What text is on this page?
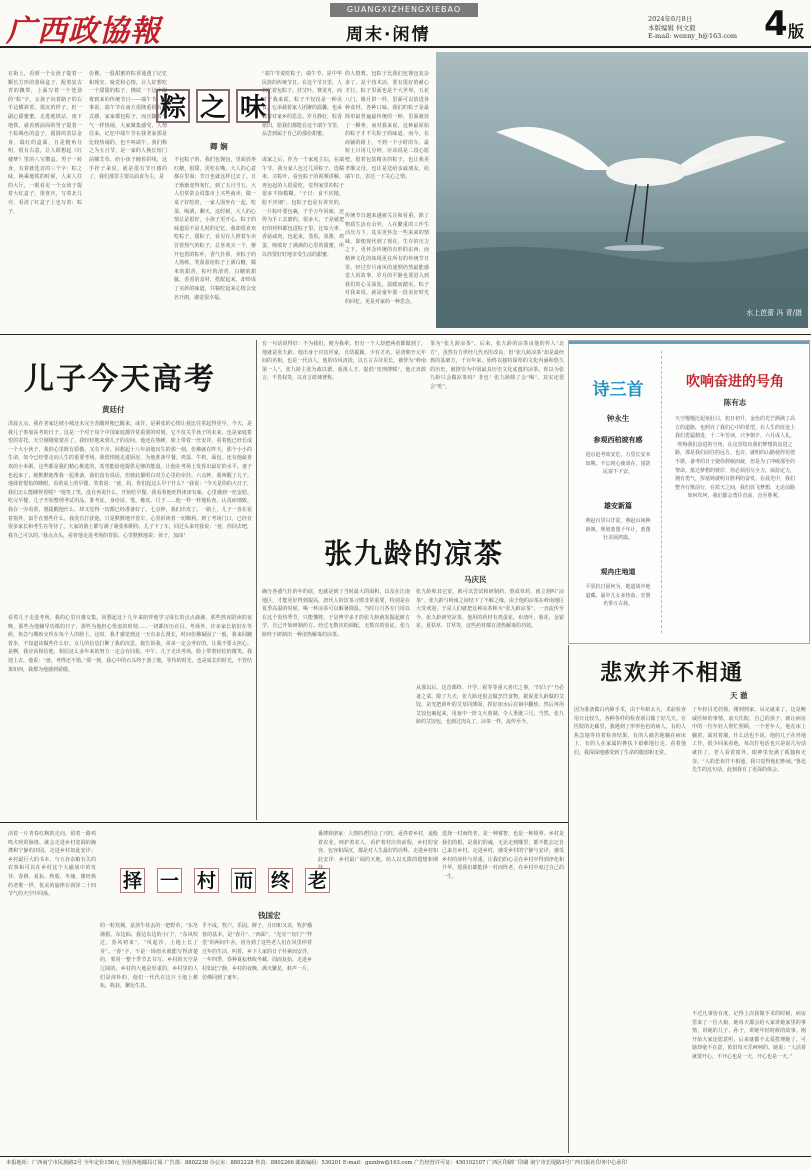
广西政協報
GUANGXIZHENGXIEBAO
周末·闲情
2024年6月8日
本版编辑 何文毅
E-mail: wenny_h@163.com 4 版
粽 之 味
卿 娴
在街上，看到一个女孩子提着一颗长方形的墨绿盒子，配着复古青的飘带，上面写着一个苍劲的“粽”字。女孩子向着路子的右手边横斜着，很沉的样子，但一副心甜蜜蜜。走进地铁站，雨下地铁，就看到前面的男子提着一个棕褐色的盒子，圆圆的表层金身，端红的盒面，且是精角分明，很有古意，让人联想起《红楼梦》里的八宝攒盒。男子一转身，有着就迭首的三个字：粽之味。换乘地铁的时候，人来人往的大厅，一眼看见一个女孩子提着大红盒子，很喜庆，写着北儿旁，看清了红盒子上也写着：粽子。
仿佛，一股甜蜜的粽香通透了记忆和现实，味觉和心情，让人好想吃一个甜甜的粽子，拂拭一下这个即将到来的传统节日——端午节。同事说，端午节在南方很隆重很有仪式感，家家都包粽子，而且随着节气一样热闹，大家聚集感受，人情往来。记忆中端午节在我老家那是比较热闹的，也不叫端午，我们称之为五月节，是一家的人换长短门前插艾草，给小孩子缠着彩线，这手拴子来说，就是很有节日感的了，我们那里主要以面食为主，是
不包粽子的，我们包馒包，里面放枣红糖，很甜，更吃在嘴，大人的心意都在里面；节日也就这样过去了。日子渐渐变得匆忙，到了五月当五，大人们常常会说集市上买些商卖，做一桌子好吃的，一家人围坐在一起，吃菜，喝酒，聊天，这时候，大人的心情总是很好，小孩子更开心。粽子的味道原不是儿时的记忆，我却很喜欢吃粽子，甜粽子，看见在人推着车卖冒着热气的粽子，总喜欢买一个，掰开包着的粽叶，香气扑鼻，卖粽子的人熟练，笑盈盈给粽子上洒白糖，糯米的甜香，粽叶的清香，白糖的甜腻，香香的食材，搭配起来，却形成了美妙的味道，共犒吃起来心情会变名开朗，感觉很幸福。
成家之后，作为一个家庭主妇，在端午节，我为家人包过几回粽子，选糯米，买粽叶，看包粽子的视频讲解，再包起的人很爱吃，觉得家里的粽子很多不拘模糊。“子曰：食不厌精，脍不厌细”，包粽子也是有讲究的，一片粽叶要包裹，千手万年回味，还得为手工去磨的，很多大，于是就把好的材料都包进粽子里，比如大枣，香菇咸肉，包起来，蒸饭，果酱，鸡蛋，吸收好了满满的心里的甜蜜，所以你要好好地享受生活的甜蜜。
的人情教。包粽子比我们包馒包复杂多了，是个技术活，要有很好的耐心才行。粽子里面也是个大世界，五花八门，像月饼一样，里面可以放进各种食材，各种口味。我们的粽子是最简单最普遍最传统的一种，里面就放了一颗枣，而对我来说，这种最原始的粽子才不失粽子的味道。而今，在商铺的路上，不到一个小时的车，最短上只用几分钟，应该说是二段心愿吧，慰着包装精美的粽子，也让我更孝顺父母，也许是送给亲戚朋友，给端午日，表达一下关心之情。
传统节日越来越被关注和看重，除了物质生活有余外，人在繁重的工作生活压力下，其实更怀念一些来来的情味，即便现代到了现在，生存的压力之下，更怀念传统的有形的东西，而精神文化的体现更在所有的传统节日里。经过岁月南风的迷惘仍然最能感觉人的故事，岁月的平静也要进入到我们的心灵深处，温暖而踏实。粽子对我来说，就是童年那一段美好时光的回忆，更是对家的一种思念。
“端午节说吃粽子，端午节，是中华民族的传统节日。在这个节日里，人们忙着包粽子、挂艾叶、赛龙舟，而对于我来说，粽子不仅仅是一种美食，它承载着家人团聚的温馨，也承载着对家乡的思念。岁月静好，粽香依旧，愿我们都能在这个端午节里，品尝到属于自己的那份甜蜜。
水上芭蕾 冯 青/摄
儿子今天高考
黄廷付
清晨五点，我在老家达坡小城还未完全苏醒时便已醒来。或许，是紧张的心情让我比往常起得更早。今天，是我儿子参加高考的日子。这是一个对于每个中国家庭都异常重要的时刻，它不仅关乎孩子的未来，也是家庭希望的寄托。天空刚刚蒙蒙亮了，我轻轻地来到儿子的房间，他还在熟睡，脸上带着一丝安详。看着他已经长成一个大小伙子，我的心里既有骄傲，又有不舍。回想起十八年前他出生的那一刻，仿佛就在昨天，那个小小的生命，如今已经要走向人生的重要考场。我悄悄地走进厨房，为他准备早餐。鸡蛋、牛奶、面包，还有他最喜欢的小米粥。这些都是我们精心挑选的，希望能给他提供足够的能量，让他在考场上发挥出最好的水平。妻子也起来了，她默默地帮我一起准备，我们没有说话，但彼此都明白对方心里的牵挂。六点钟，我叫醒了儿子。他揉着惺忪的睡眼，看着桌上的早餐，笑着说：“爸，妈，你们起这么早干什么？”我说：“今天是你的大日子，我们怎么能睡得着呢？”他笑了笑，没有再说什么，开始吃早餐。我看着他吃得津津有味，心里感到一丝安慰。吃完早餐，儿子开始整理考试用品，准考证、身份证、笔、橡皮、尺子……他一样一样地检查，认真而细致。我在一旁看着，想提醒他什么，却又觉得一切都已经准备好了。七点钟，我们出发了。一路上，儿子一直在看着窗外，似乎在想些什么。我没有打扰他，只是默默地开着车，心里祈祷着一切顺利。到了考场门口，已经有很多家长和考生在等待了，大家的脸上都写满了紧张和期待。儿子下了车，回过头来对我说：“爸，你回去吧，我自己可以的。”我点点头，看着他走进考场的背影，心里默默地说：孩子，加油！
看着儿子走进考场，我的心里百感交集。回想起这十几年来陪伴他学习成长的点点滴滴，那些熬夜陪读的夜晚，那些为他辅导功课的日子，那些为他担心忧虑的时刻……一切都历历在目。考场外，许多家长依旧在等候，焦急与期盼交织在每个人的脸上。这时，我才感觉到这一天有多么漫长，时间仿佛凝固了一般，我来回踱着步，不知道该做些什么好。女儿的信息打断了我的沉思，她告诉我，弟弟一定会考好的，让我不要太担心。是啊，我应该相信他，相信这么多年来的努力一定会有回报。中午，儿子走出考场，脸上带着轻松的微笑。我迎上去，他说：“爸，考得还不错。”那一刻，我心中的石头终于落了地。等待的时光，也是成长的时光，不管结果如何，我都为他感到骄傲。
有一句话说得好：不为我们，便为我辈。但有一个人却把两者都做到了，他就是张九龄。他出身于官宦世家，自幼聪颖，少有才名，是唐朝开元年间的名相，也是一代诗人。他的诗风清淡，以五言古诗见长，被誉为“岭南第一人”。张九龄主张为政以德，重视人才，提倡“宽刑薄赋”，他正直敢言，不畏权贵，以直言敢谏著称。
茶为“张九龄凉茶”。后来，张九龄的凉茶由他的传人“北方”，虽然有方世经几代名医改良，但“张九龄凉茶”却是最经典的基础方，千百年来，始终以独特深厚的文化内涵和悠久的历史，被推崇为中国最具历史文化底蕴的凉茶。你以为张九龄只会做凉茶吗？非也！张九龄除了会“喝”，其实还很会“吃”。
张九龄的凉茶
马庆民
确分各惑气壮的年的底，也就是到了当时最大的面积，以及在江南地区，才能更好得到提高，唐代人的饮茶习惯非常重要，特别是在夏季高温的时候，喝一杯凉茶可以解暑降温。当时月月各专门用以在这个炎热季节，只能懂将，于是博学多才的张九龄就发掘起研方学，自己开始研制药方。经过无数次的调配，无数次的验证，张九龄终于研制出一种清热解毒的凉茶。
张九龄和其它宽，就可以尝试和研制药，熬成草药，就立刻叫“凉茶”。张九龄与岭南之间结下了不解之缘。由于他的凉茶在岭南地区大受欢迎，于是人们就把这种凉茶称为“张九龄凉茶”，一直流传至今。张九龄研究凉茶，他用的药材有鸡蛋花、布渣叶、菊花、金银花、夏枯草、甘草等，这些药材都有清热解毒的功效。
从那以后，这首都终、升学、祝寿等重大喜庆之事，“凹凸子”乃必备之菜。除了九夫，张九龄还很会做烹饪食物，据说张九龄做的艾饺，是光把荷叶的艾草同薄面，捏好加水后在锅中翻炒，然后再用艾饺包裹起来，用瓮中一阵文火煎制，令人垂涎三尺。当然，张九龄的艾饺包，也到过肉丸了，凉茶一样，流传至今。
诗三首
钟永生
参观西柏坡有感
进京赶考始安危，万里长安未知期。不忘初心使命在，国防民富不下安。
雄安新篇
燕赵百里白洋淀，燕赵山间换新颜。规划蓝图千年计，蓝图壮美展鸿篇。
观冉庄地道
平原抗日固何为，地道战中地道藏。巢中儿女多热血，史册名垂万古扬。
吹响奋进的号角
陈有志
天空慢慢泛起鱼肚白，旭日初升，金色的光芒洒满了高方的道路，也照亮了我们心中的希望。在人生的征途上我们勇猛精进，十二年苦读，只争朝夕，六月成人礼，吹响我们奋进的号角，在这里绘出我们梦想的奋进之路，那是我们前往的远方。也许，就明的山路使你彷徨不堪，备考的日子使你辞眠而疲，但是为了冲破那至的黎命，抵达梦想的彼岸，你必须用尽全力，保持定力，拥有勇气，挥毫铸就明日胜利的奋发。在晨光中，我们整齐行歌前行，在蓝天之间，我们放飞梦想，无论前路如何坎坷，我们都会勇往直前，直至胜利。
悲欢并不相通
天 澈
择 一 村 而 终 老
钱国宏
活着一片青春红枫的走向，留着一路鸡鸣犬吠的脉络，就会走进乡村宽阔的胸襟和宁静的田园。走进乡村如此安详；乡村最巨大的书本，与五谷杂粮有关的农事和可以在乡村这个大磁场中的发芽、春耕、夏耘、秋收、冬储，像经典的老歌一样，优美的旋律在润泽二十四节气的天空中回荡。
的一粒炊烟，是放牛娃丢的一把野草，“东皂墙根、东边仙、我边东边的小门”，“东风吹过，春风初来”，“风起沙，土地上长了芽”。“春”字，不是一场雨水就能写得清楚的，要用一整个季节去书写。乡村的天空是辽阔的，乡村的大地是厚重的，乡村里的人们是淳朴的，他们一代代在这片土地上耕耘，收获，繁衍生息。
乎不成，牧户。乐园。鲜子，月田和又美，牧护播着的基本，是“春月”、“西面”。“光亮”“切门”“拜堂”的两间牛舍，因为到了这些老人们在风里停着过年的生活，叫着，乡下人家的日子朴素而安详，一年四季，春种夏耘秋收冬藏，周而复始。走进乡村如此宁静，乡村的夜晚，满天繁星，蛙声一片，仿佛回到了童年。
番薄荷朋家：人情的老旧会了兴旺，返券着乡村，退般着农业，呵护着农人，看护着村庄的前程，乡村的宽容、包容和深沉，都是对人生最好的诠释。走进乡村如此安详：乡村最广阔的天地，给人以无限的遐想和期待。
选择一村而终老，是一种睿智，也是一种境界。乡村是我们的根，是我们的魂，无论走到哪里，都不能忘记自己来自乡村。走进乡村，感受乡村的宁静与安详，感受乡村的淳朴与厚重，让我们的心灵在乡村中得到净化和升华。愿我们都能择一村而终老，在乡村中度过自己的一生。
因为准备做白内障手术，由于年龄太大，术前检查用日比较久，各种各样的检查项目做了好几天。在医院的走廊里，我遇到了形形色色的病人，有的人焦急地等待着检查结果，有的人痛苦地躺在病床上，有的人在家属的搀扶下艰难地行走。看着他们，我深深地感受到了生命的脆弱和无常。
了年轻目光的愤。刚到到家，吊完就来了。这是鲍威医师的事情，前天住院，自己的孩子，就让病房中的一位年轻人帮忙照顾，一个老年人，他在床上躺着，面对着墙，什么话也不说。他的儿子在外地工作，很少回来看他，每次打电话也只是说几句话就挂了。老人看着窗外，眼神里充满了孤独和无奈。“人的悲欢并不相通，我只觉得他们吵闹。”鲁迅先生的这句话，此刻我有了更深的体会。
不过凡事皆有度，记得上次我做手术的时候，病房里来了一位大娘，她每天都会给大家讲她家里的事情，讲她的儿子、孙子，讲她年轻时候的故事。刚开始大家还愿意听，后来就都不太爱搭理她了。可她却毫不在意，依旧每天乐呵呵的。她说：“人活着就要开心，不开心也是一天，开心也是一天。”
本报地址：广西南宁市民族路2号 全年定价156元 全国各地邮局订阅 广告部：8802238 办公室：8802228 传真：8802266 邮政编码：530201 E-mail：gxzxbw@163.com 广告经营许可证：450102107 广西区印刷厂印刷 南宁市长堤路3号广西日报社印务中心承印
